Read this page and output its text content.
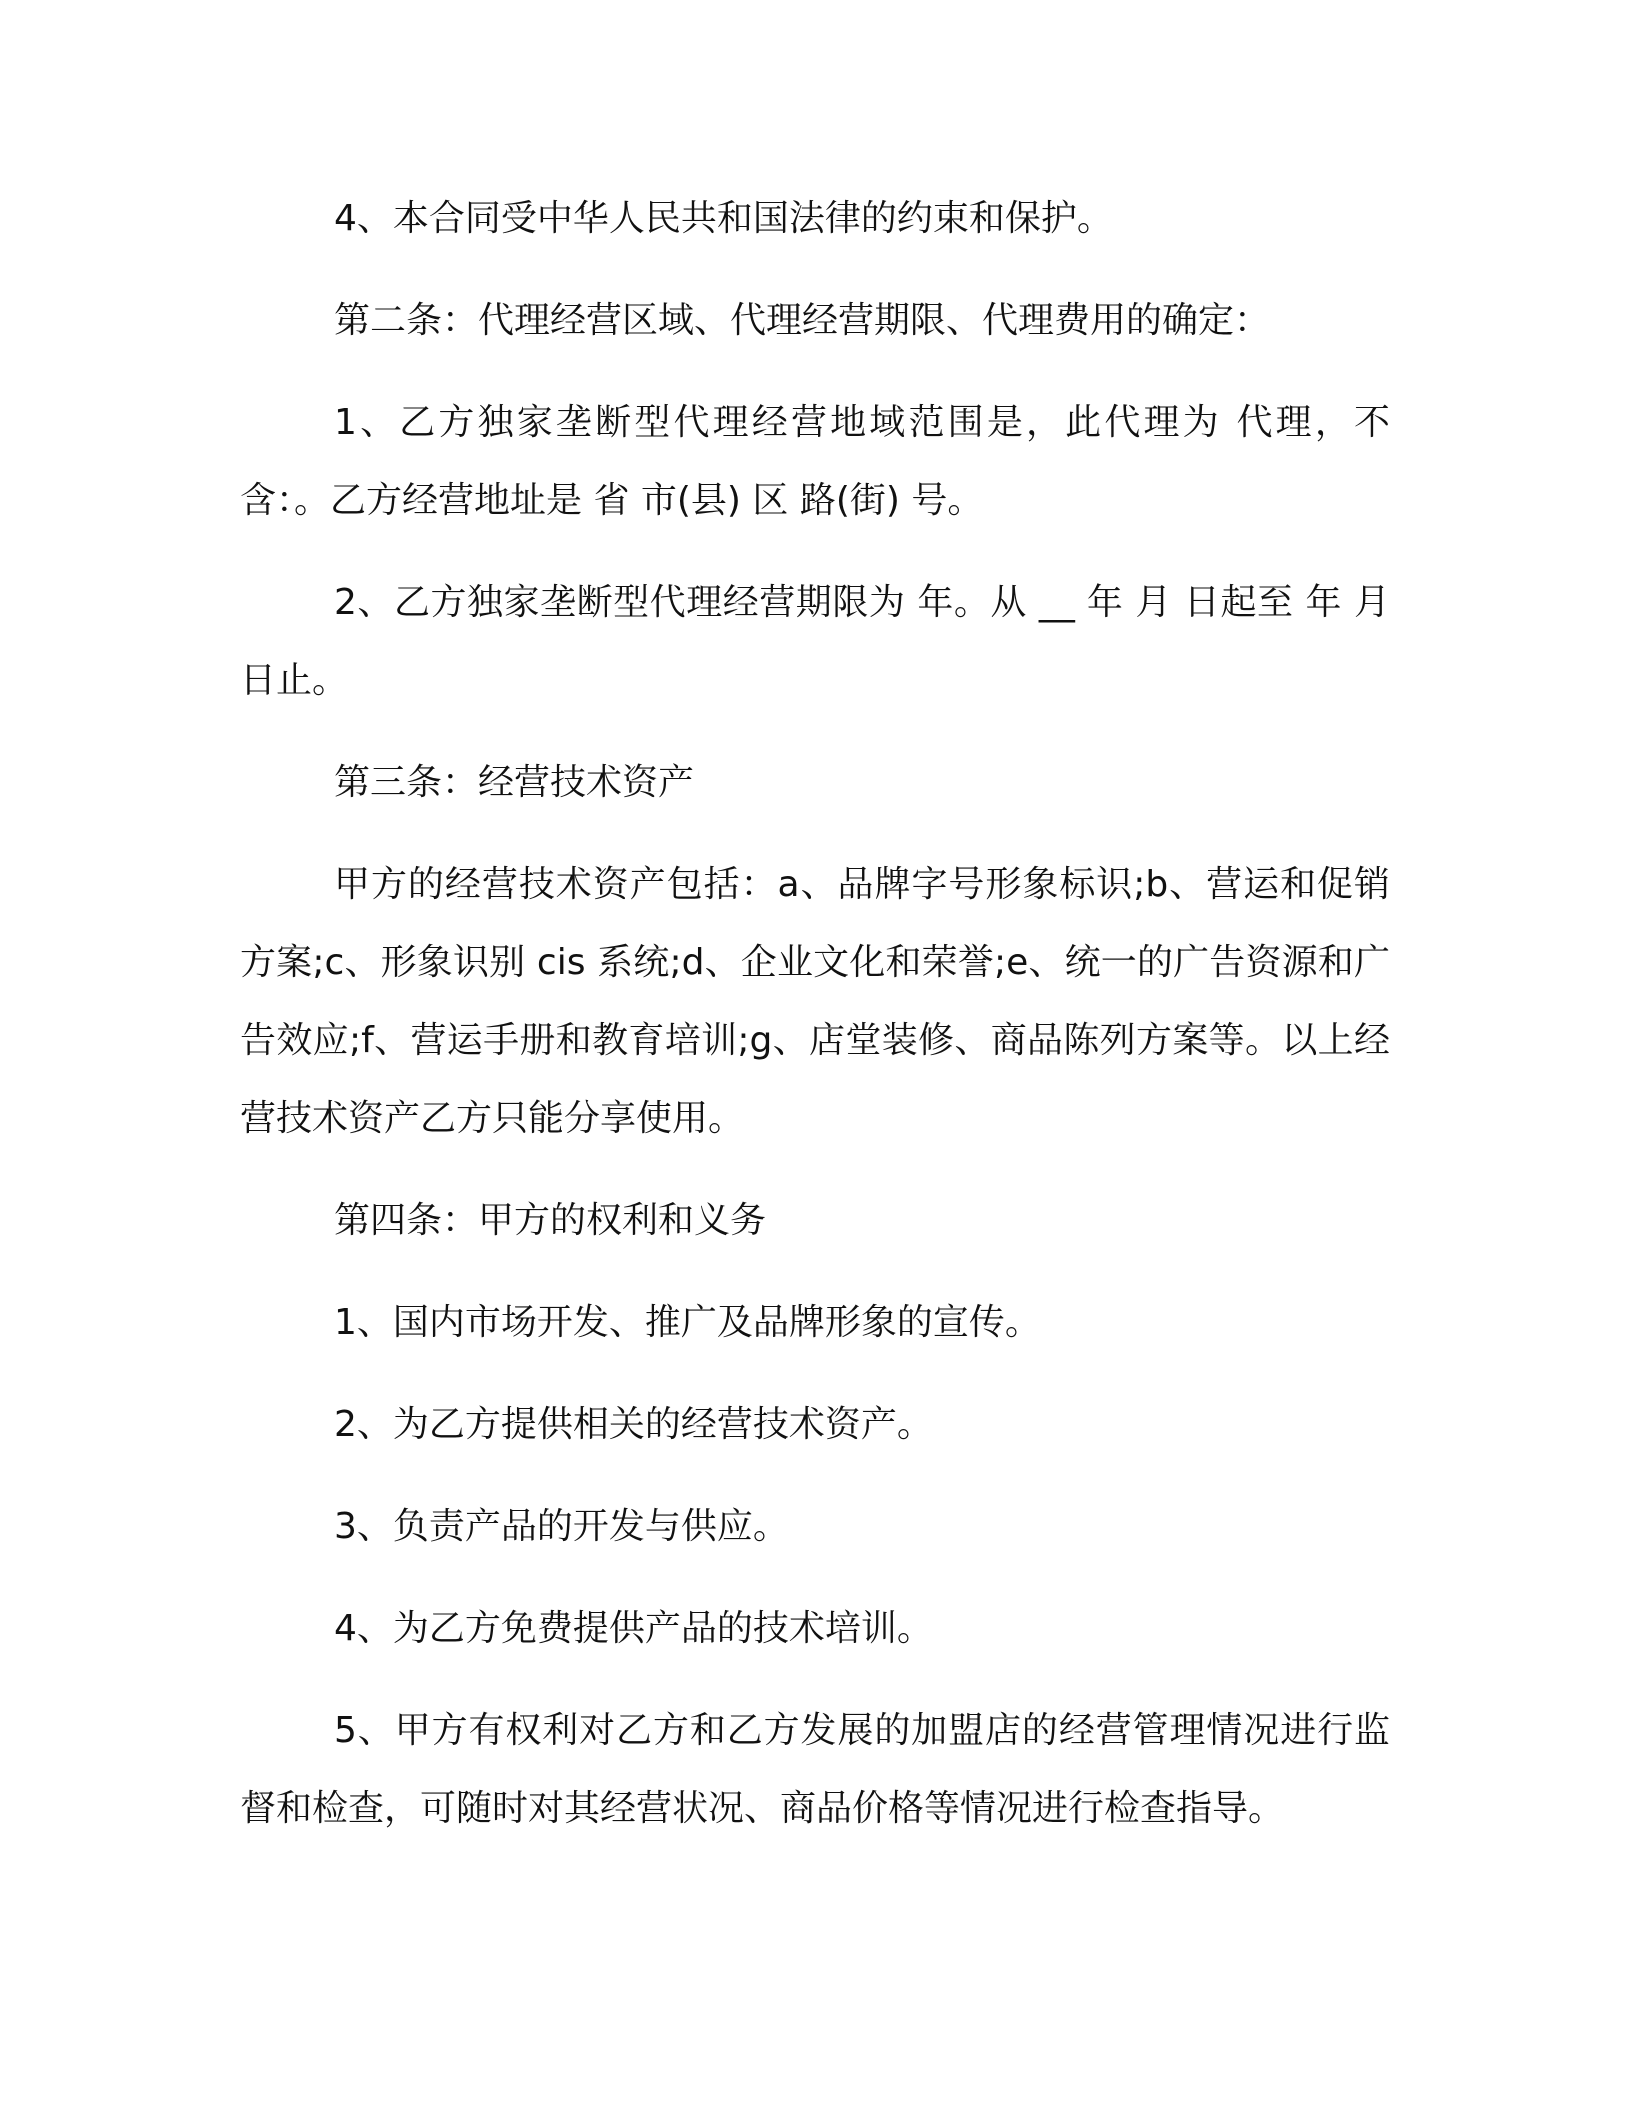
4、本合同受中华人民共和国法律的约束和保护。

第二条：代理经营区域、代理经营期限、代理费用的确定：

1、乙方独家垄断型代理经营地域范围是，此代理为 代理，不含：。乙方经营地址是 省 市(县) 区 路(街) 号。

2、乙方独家垄断型代理经营期限为 年。从 __ 年 月 日起至 年 月日止。

第三条：经营技术资产

甲方的经营技术资产包括：a、品牌字号形象标识;b、营运和促销方案;c、形象识别 cis 系统;d、企业文化和荣誉;e、统一的广告资源和广告效应;f、营运手册和教育培训;g、店堂装修、商品陈列方案等。以上经营技术资产乙方只能分享使用。

第四条：甲方的权利和义务

1、国内市场开发、推广及品牌形象的宣传。

2、为乙方提供相关的经营技术资产。

3、负责产品的开发与供应。

4、为乙方免费提供产品的技术培训。

5、甲方有权利对乙方和乙方发展的加盟店的经营管理情况进行监督和检查，可随时对其经营状况、商品价格等情况进行检查指导。
